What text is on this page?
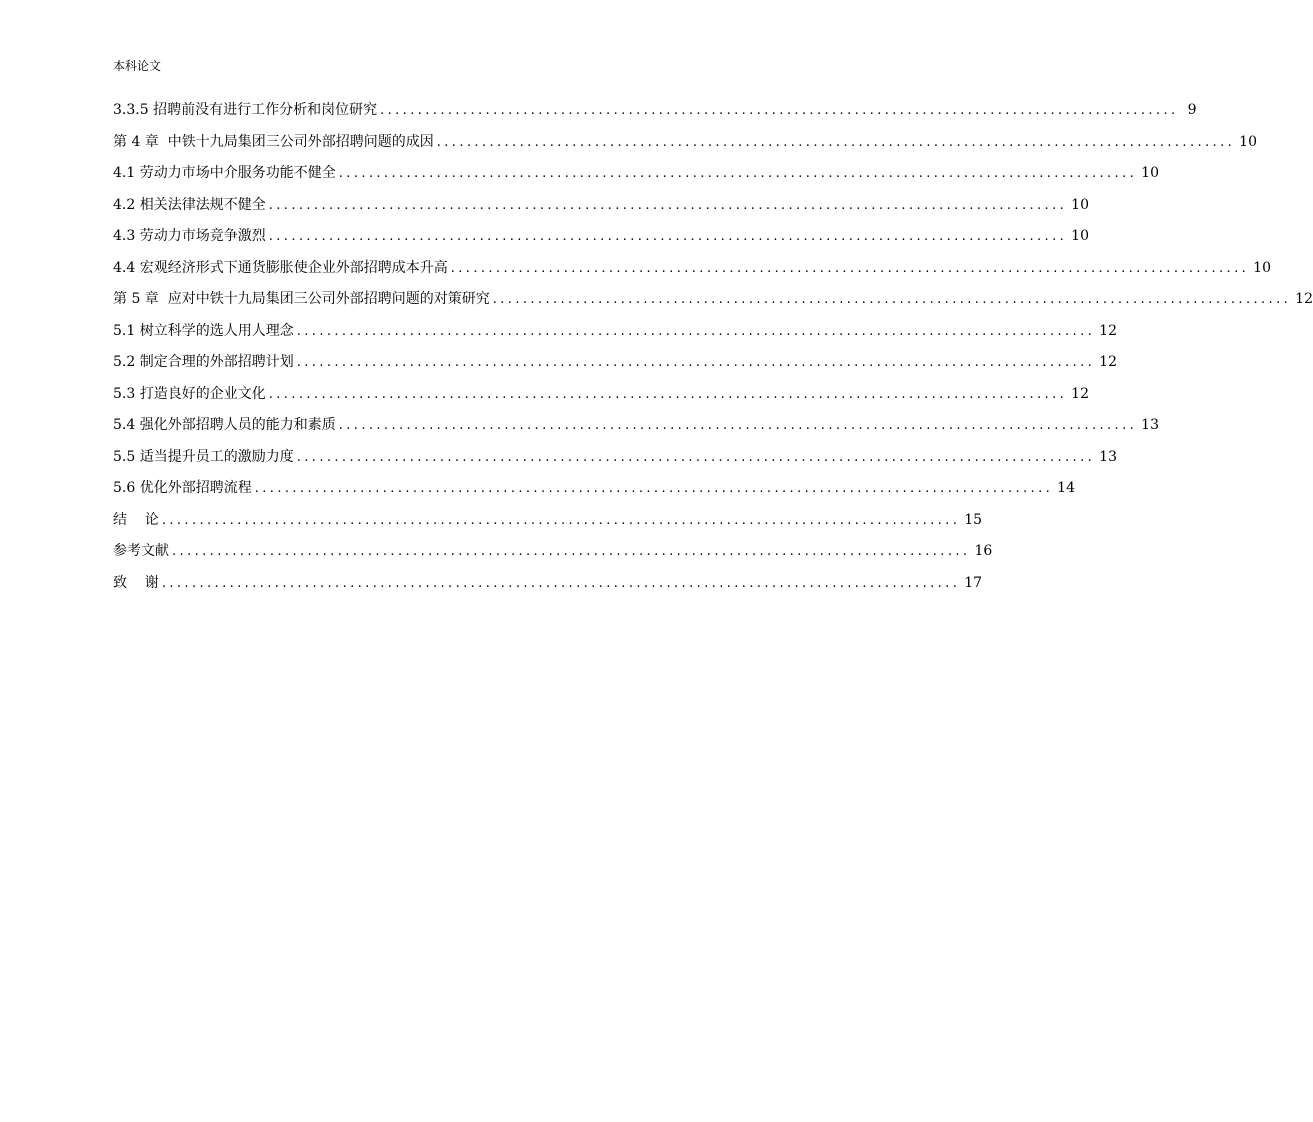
本科论文
3.3.5 招聘前没有进行工作分析和岗位研究 .......................................................................................................... 9
第 4 章  中铁十九局集团三公司外部招聘问题的成因 .......................................................................................................... 10
4.1 劳动力市场中介服务功能不健全 .......................................................................................................... 10
4.2 相关法律法规不健全 .......................................................................................................... 10
4.3 劳动力市场竞争激烈 .......................................................................................................... 10
4.4 宏观经济形式下通货膨胀使企业外部招聘成本升高 .......................................................................................................... 10
第 5 章  应对中铁十九局集团三公司外部招聘问题的对策研究 .......................................................................................................... 12
5.1 树立科学的选人用人理念 .......................................................................................................... 12
5.2 制定合理的外部招聘计划 .......................................................................................................... 12
5.3 打造良好的企业文化 .......................................................................................................... 12
5.4 强化外部招聘人员的能力和素质 .......................................................................................................... 13
5.5 适当提升员工的激励力度 .......................................................................................................... 13
5.6 优化外部招聘流程 .......................................................................................................... 14
结    论 .......................................................................................................... 15
参考文献 .......................................................................................................... 16
致    谢 .......................................................................................................... 17
